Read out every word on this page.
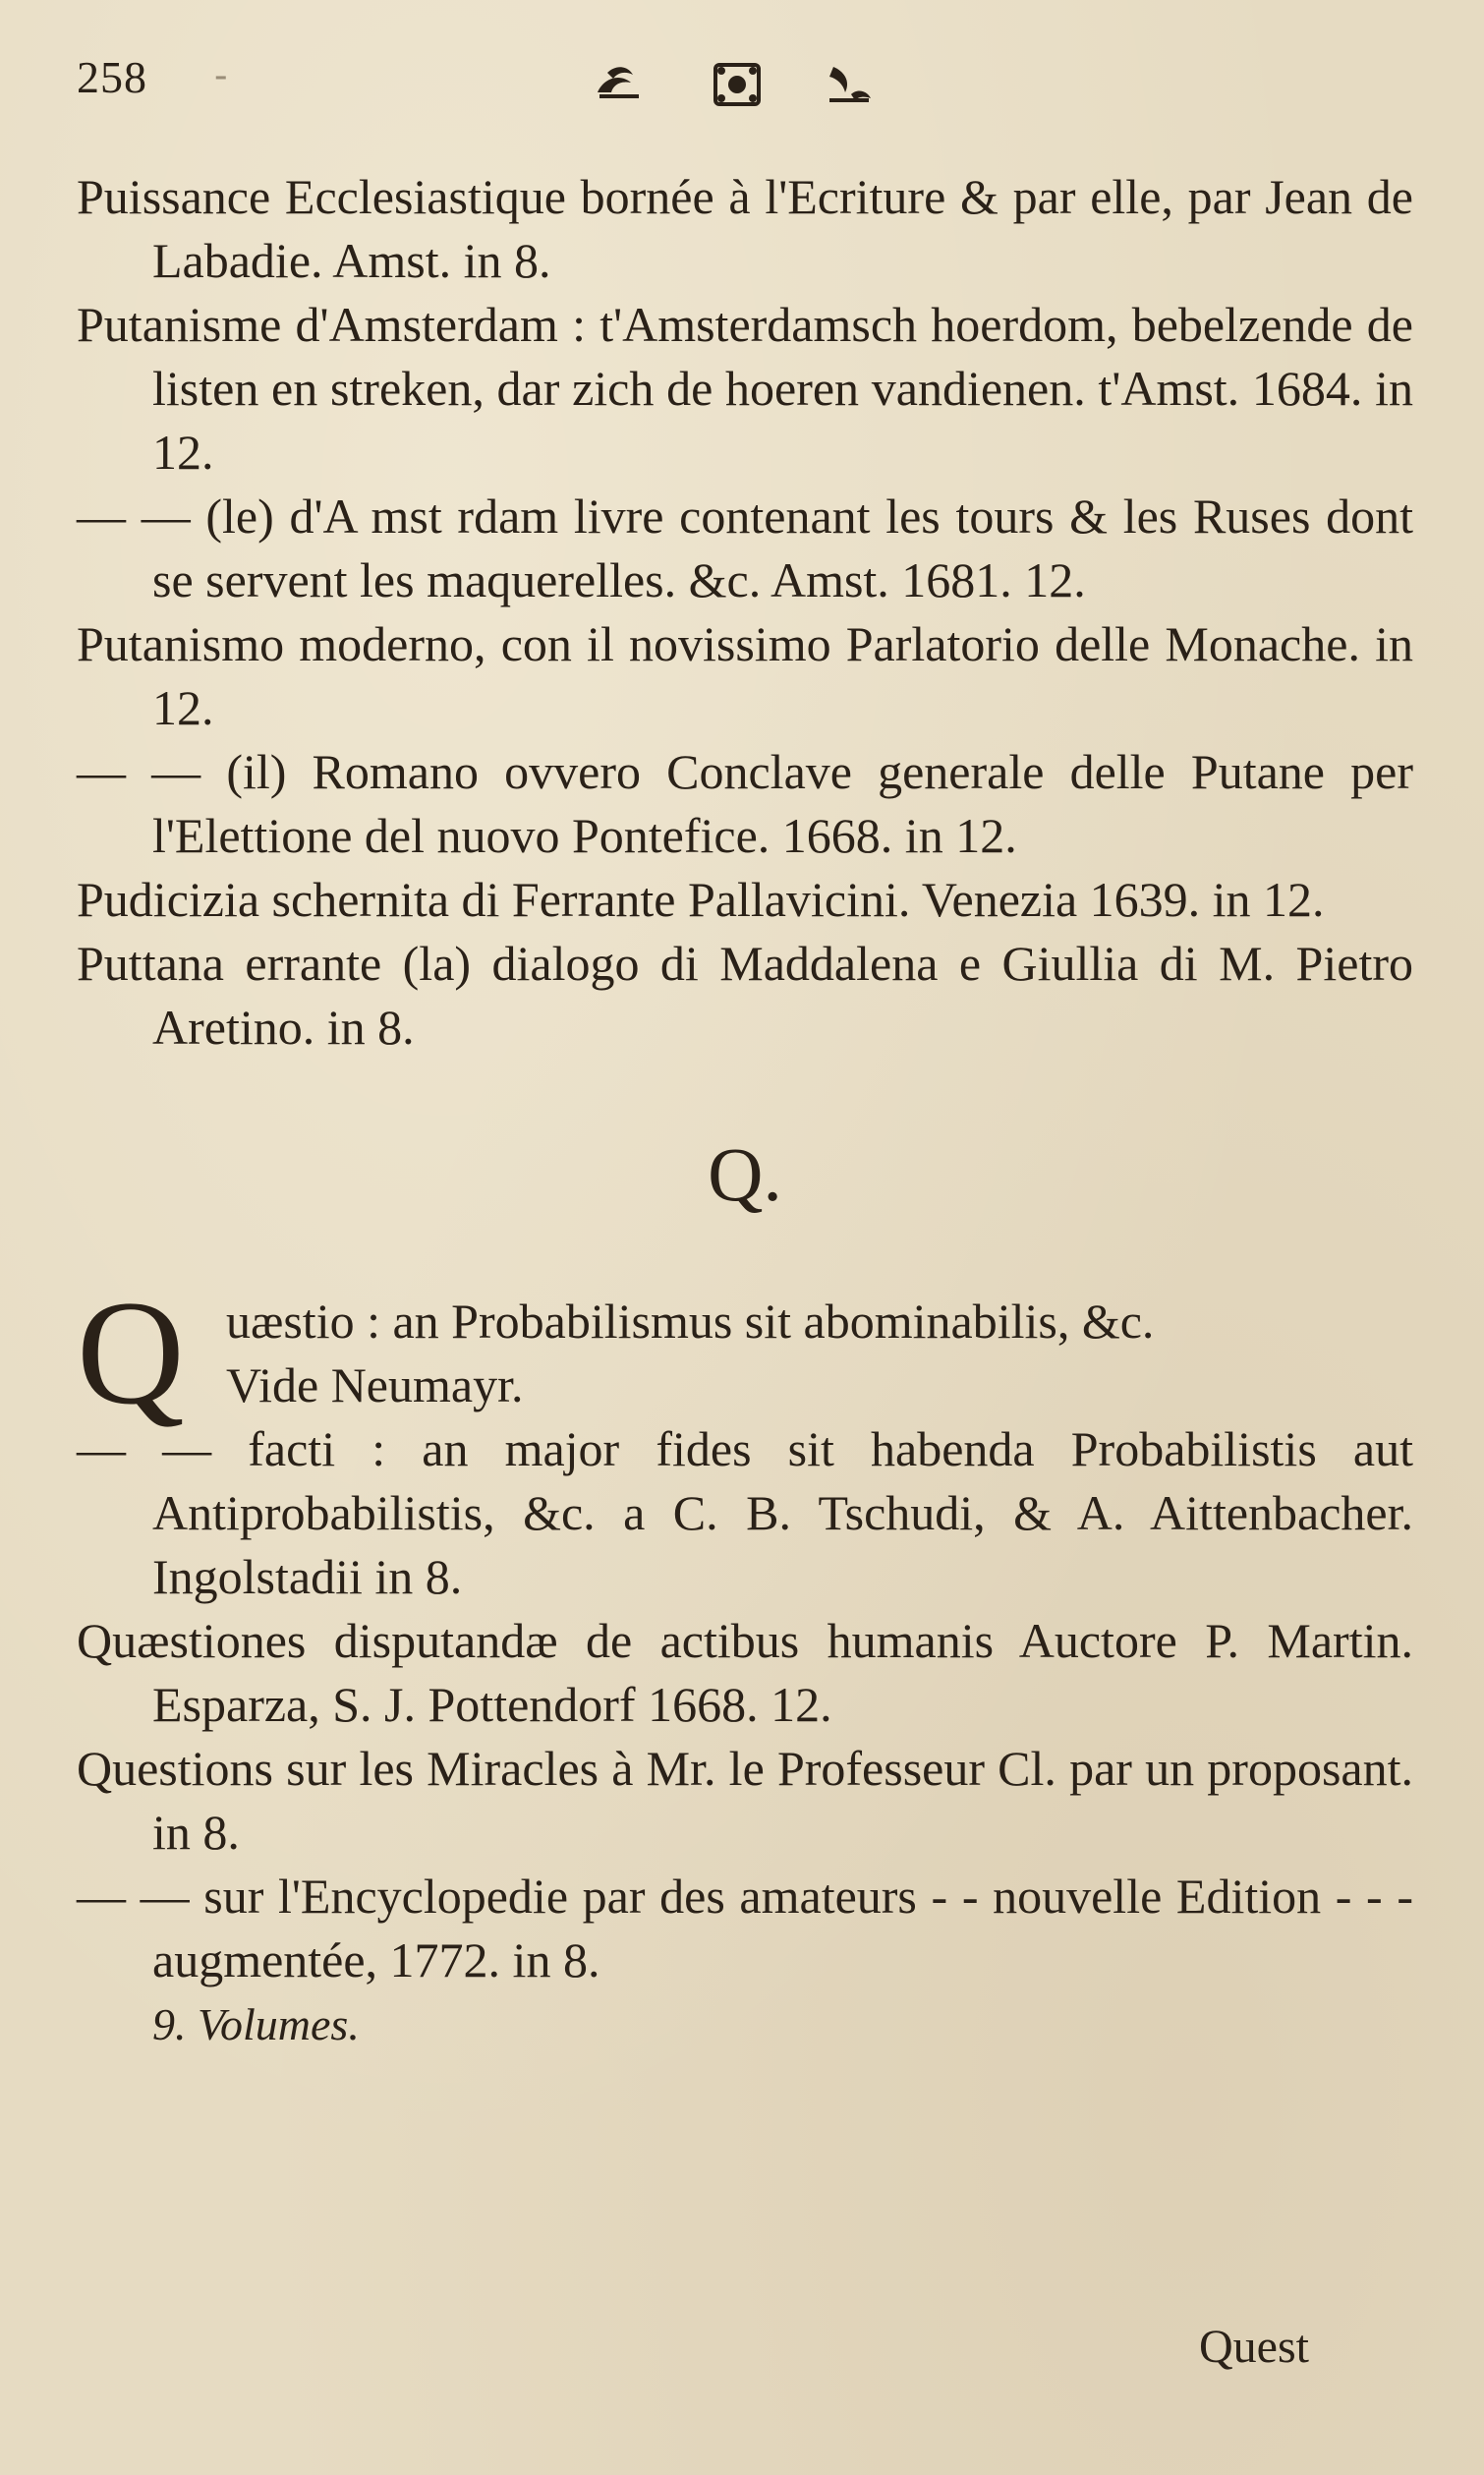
258 -

Puissance Ecclesiastique bornée à l'Ecriture & par elle, par Jean de Labadie. Amst. in 8.

Putanisme d'Amsterdam : t'Amsterdamsch hoerdom, bebelzende de listen en streken, dar zich de hoeren vandienen. t'Amst. 1684. in 12.

— — (le) d'A mst rdam livre contenant les tours & les Ruses dont se servent les maquerelles. &c. Amst. 1681. 12.

Putanismo moderno, con il novissimo Parlatorio delle Monache. in 12.

— — (il) Romano ovvero Conclave generale delle Putane per l'Elettione del nuovo Pontefice. 1668. in 12.

Pudicizia schernita di Ferrante Pallavicini. Venezia 1639. in 12.

Puttana errante (la) dialogo di Maddalena e Giullia di M. Pietro Aretino. in 8.

Q.
Q uæstio : an Probabilismus sit abominabilis, &c.
Vide Neumayr.

— — facti : an major fides sit habenda Probabilistis aut Antiprobabilistis, &c. a C. B. Tschudi, & A. Aittenbacher. Ingolstadii in 8.

Quæstiones disputandæ de actibus humanis Auctore P. Martin. Esparza, S. J. Pottendorf 1668. 12.

Questions sur les Miracles à Mr. le Professeur Cl. par un proposant. in 8.

— — sur l'Encyclopedie par des amateurs - - nouvelle Edition - - - augmentée, 1772. in 8.

9. Volumes.
Quest
